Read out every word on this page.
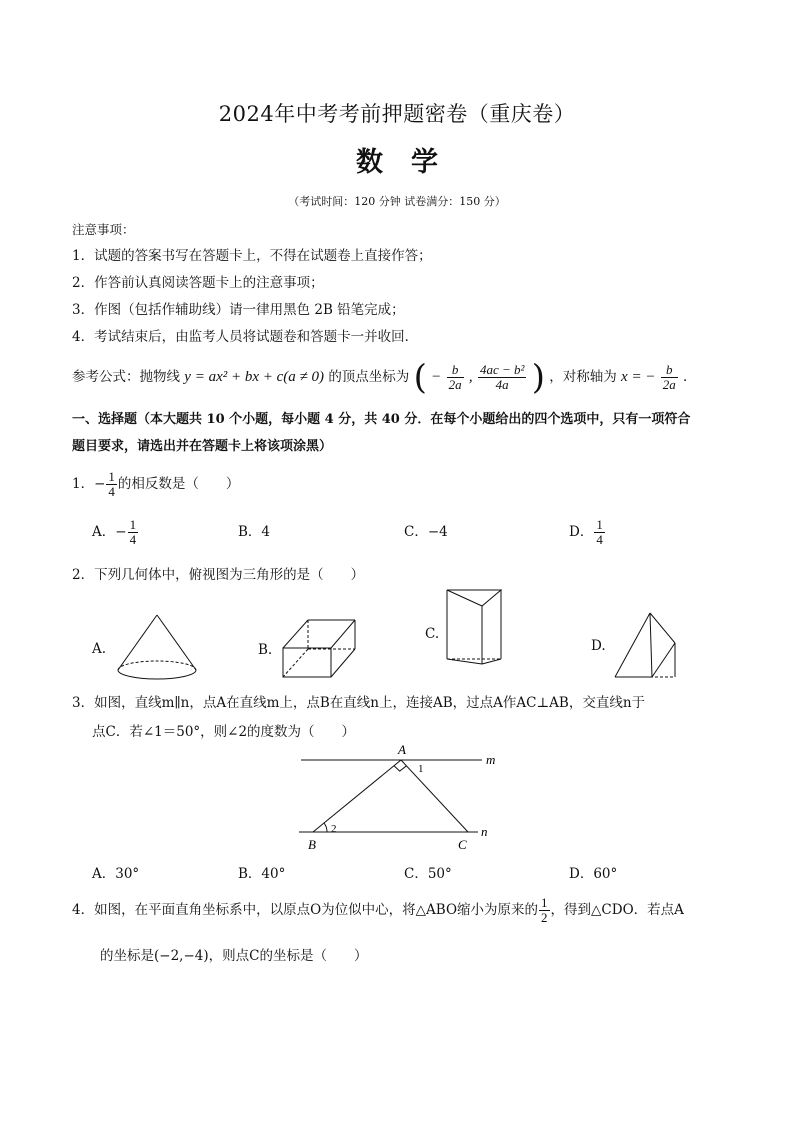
2024年中考考前押题密卷（重庆卷）
数学
（考试时间：120 分钟 试卷满分：150 分）
注意事项：
1．试题的答案书写在答题卡上，不得在试题卷上直接作答；
2．作答前认真阅读答题卡上的注意事项；
3．作图（包括作辅助线）请一律用黑色 2B 铅笔完成；
4．考试结束后，由监考人员将试题卷和答题卡一并收回．
参考公式：抛物线 y = ax² + bx + c(a ≠ 0) 的顶点坐标为 ( − $\frac{b}{2a}$ , $\frac{\text{4ac − b²}}{4a}$ ) ，对称轴为 x = − $\frac{b}{2a}$ ．
一、选择题（本大题共 10 个小题，每小题 4 分，共 40 分．在每个小题给出的四个选项中，只有一项符合
题目要求，请选出并在答题卡上将该项涂黑）
1．− $\frac{1}{4}$ 的相反数是（　　）
A．− $\frac{1}{4}$	B．4	C．−4	D． $\frac{1}{4}$
2．下列几何体中，俯视图为三角形的是（　　）
A.	B.
C.
D.
3．如图，直线m∥n，点A在直线m上，点B在直线n上，连接AB，过点A作AC⊥AB，交直线n于
点C．若∠1＝50°，则∠2的度数为（　　）
A
B	C
m
n
1
2
A．30°	B．40°	C．50°	D．60°
4．如图，在平面直角坐标系中，以原点O为位似中心，将△ABO缩小为原来的 $\frac{1}{2}$ ，得到△CDO．若点A
的坐标是(−2,−4)，则点C的坐标是（　　）
